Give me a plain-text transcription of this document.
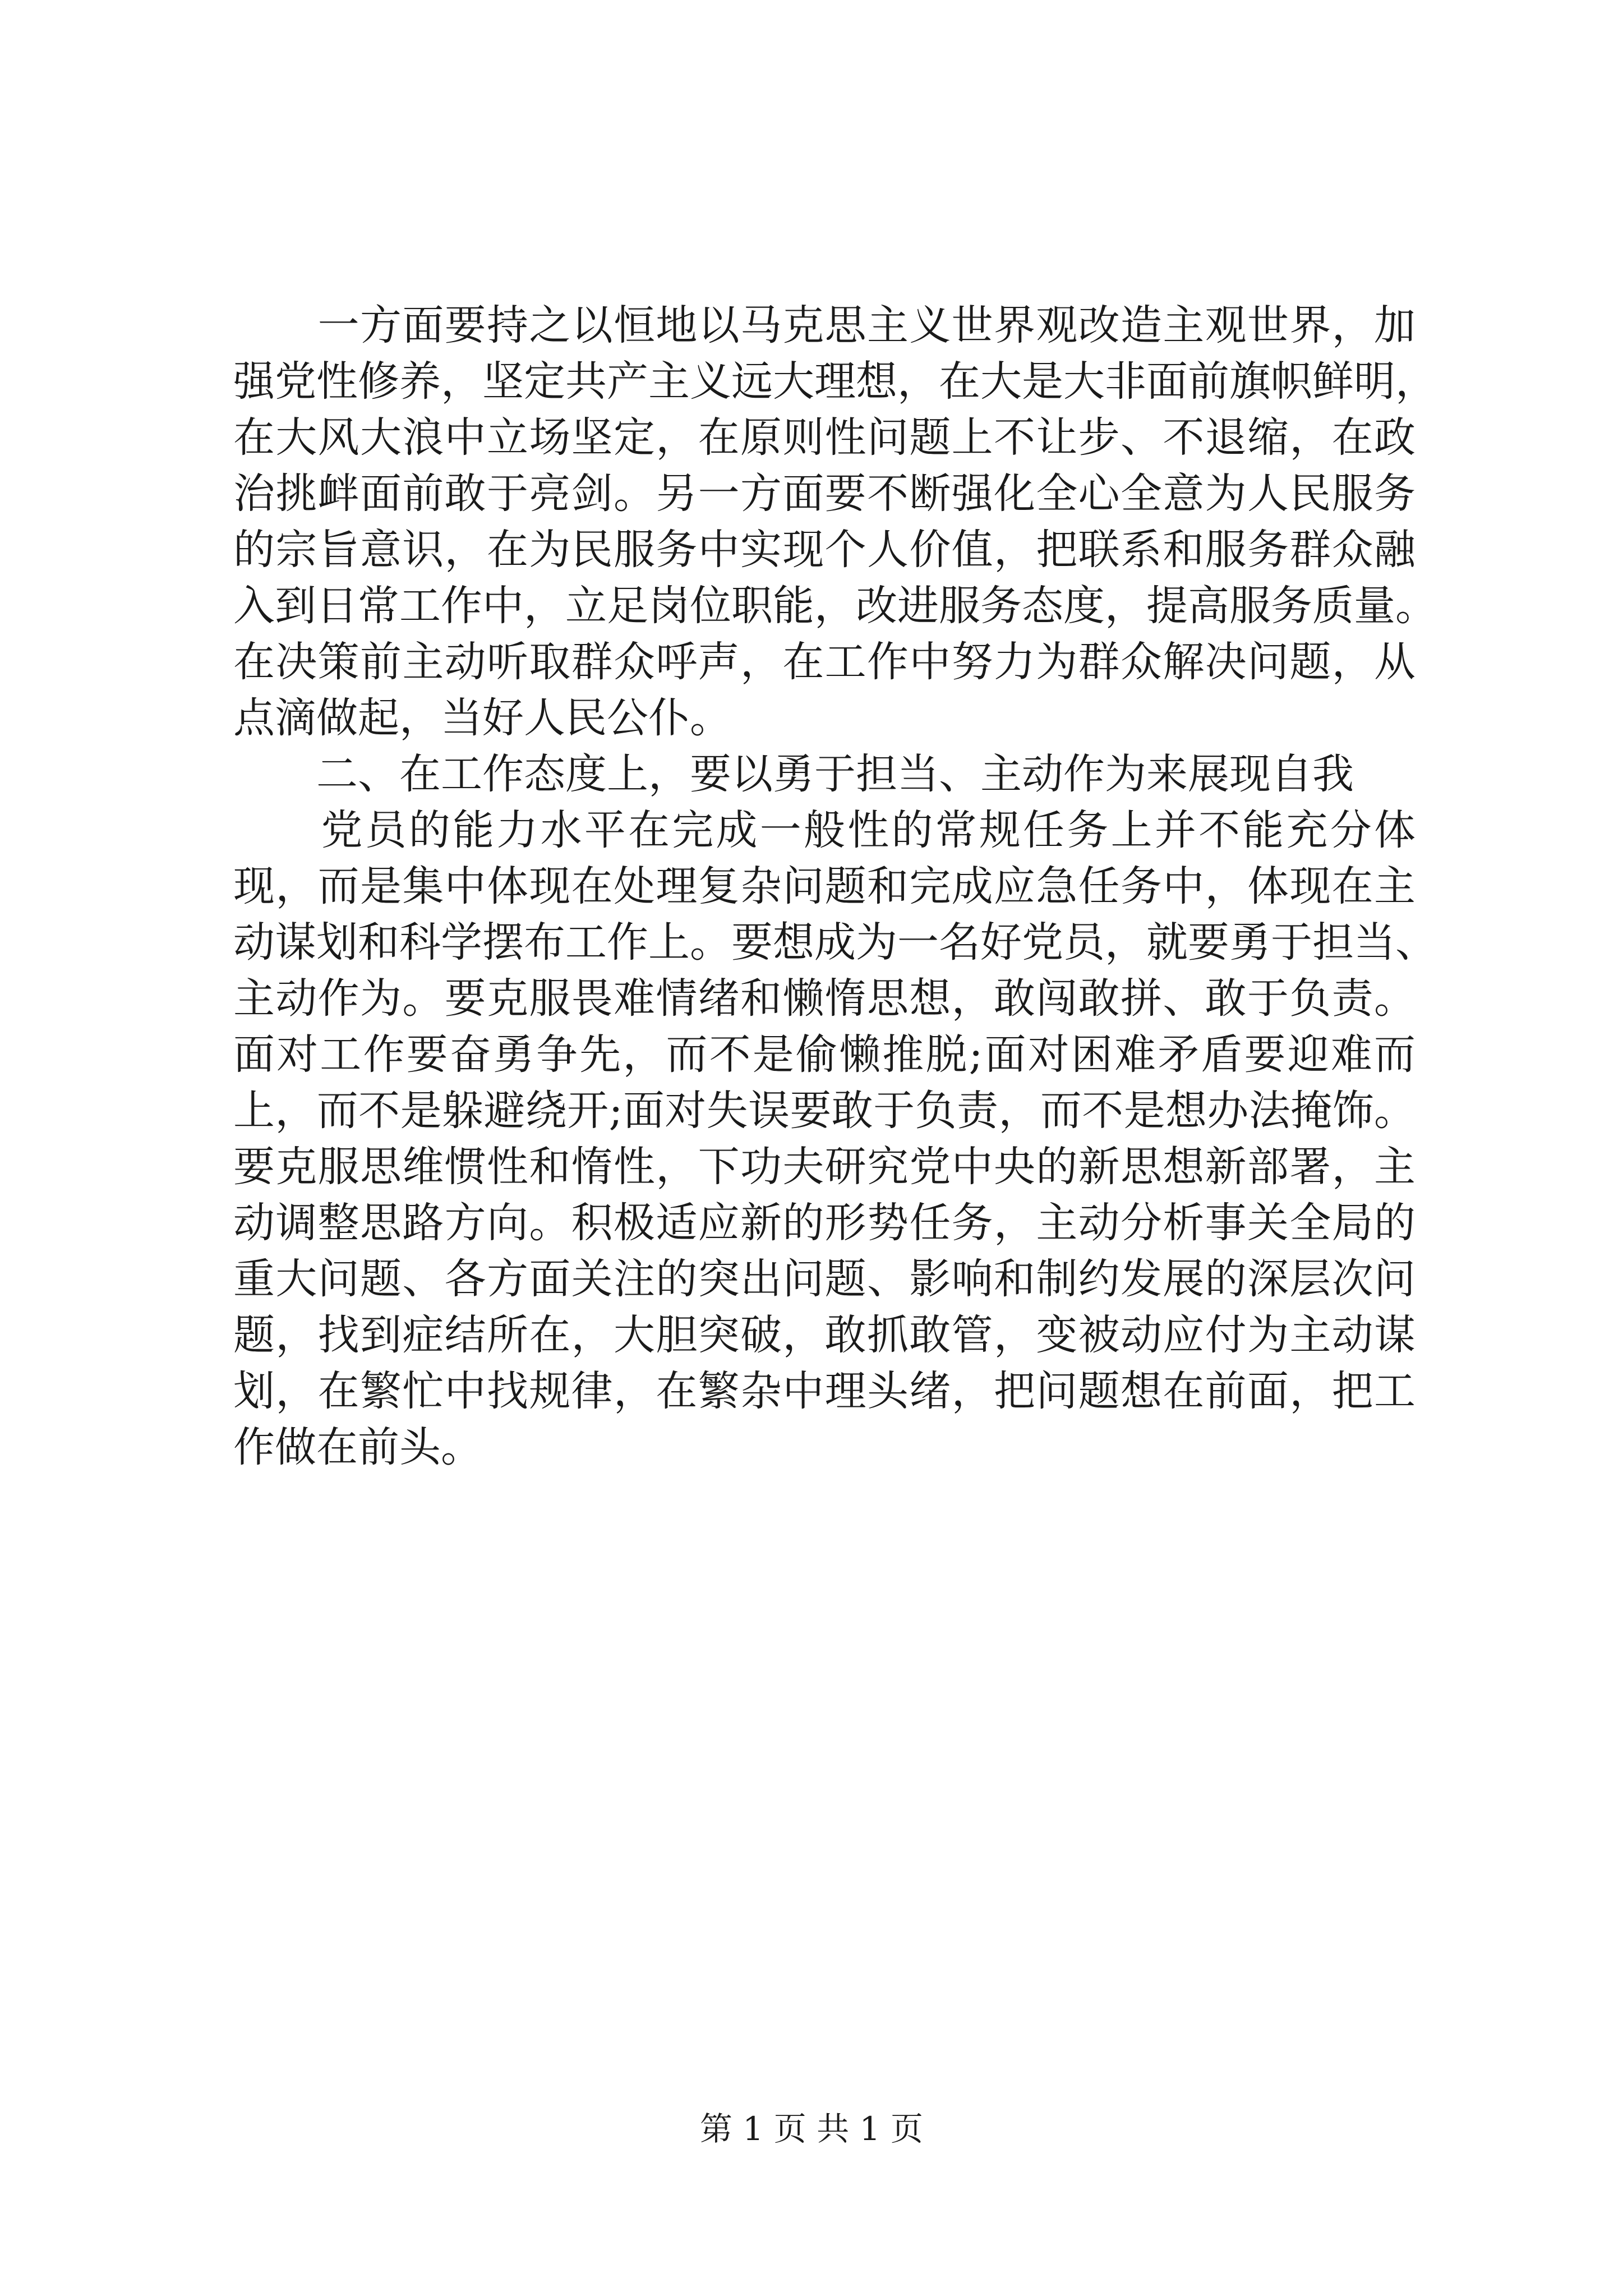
　　一方面要持之以恒地以马克思主义世界观改造主观世界，加
强党性修养，坚定共产主义远大理想，在大是大非面前旗帜鲜明，
在大风大浪中立场坚定，在原则性问题上不让步、不退缩，在政
治挑衅面前敢于亮剑。另一方面要不断强化全心全意为人民服务
的宗旨意识，在为民服务中实现个人价值，把联系和服务群众融
入到日常工作中，立足岗位职能，改进服务态度，提高服务质量。
在决策前主动听取群众呼声，在工作中努力为群众解决问题，从
点滴做起，当好人民公仆。
　　二、在工作态度上，要以勇于担当、主动作为来展现自我
　　党员的能力水平在完成一般性的常规任务上并不能充分体
现，而是集中体现在处理复杂问题和完成应急任务中，体现在主
动谋划和科学摆布工作上。要想成为一名好党员，就要勇于担当、
主动作为。要克服畏难情绪和懒惰思想，敢闯敢拼、敢于负责。
面对工作要奋勇争先，而不是偷懒推脱;面对困难矛盾要迎难而
上，而不是躲避绕开;面对失误要敢于负责，而不是想办法掩饰。
要克服思维惯性和惰性，下功夫研究党中央的新思想新部署，主
动调整思路方向。积极适应新的形势任务，主动分析事关全局的
重大问题、各方面关注的突出问题、影响和制约发展的深层次问
题，找到症结所在，大胆突破，敢抓敢管，变被动应付为主动谋
划，在繁忙中找规律，在繁杂中理头绪，把问题想在前面，把工
作做在前头。
第 1 页 共 1 页
